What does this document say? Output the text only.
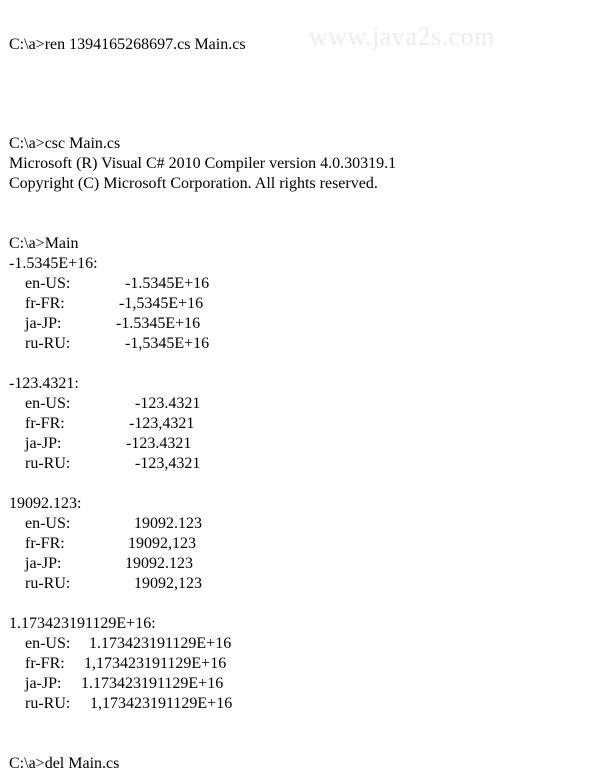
www.java2s.com
C:\a>ren 1394165268697.cs Main.cs
C:\a>csc Main.cs
Microsoft (R) Visual C# 2010 Compiler version 4.0.30319.1
Copyright (C) Microsoft Corporation. All rights reserved.
C:\a>Main
-1.5345E+16:
en-US:	-1.5345E+16
fr-FR:	-1,5345E+16
ja-JP:	-1.5345E+16
ru-RU:	-1,5345E+16
-123.4321:
en-US:	-123.4321
fr-FR:	-123,4321
ja-JP:	-123.4321
ru-RU:	-123,4321
19092.123:
en-US:	19092.123
fr-FR:	19092,123
ja-JP:	19092.123
ru-RU:	19092,123
1.173423191129E+16:
en-US: 1.173423191129E+16
fr-FR: 1,173423191129E+16
ja-JP: 1.173423191129E+16
ru-RU: 1,173423191129E+16
C:\a>del Main.cs
